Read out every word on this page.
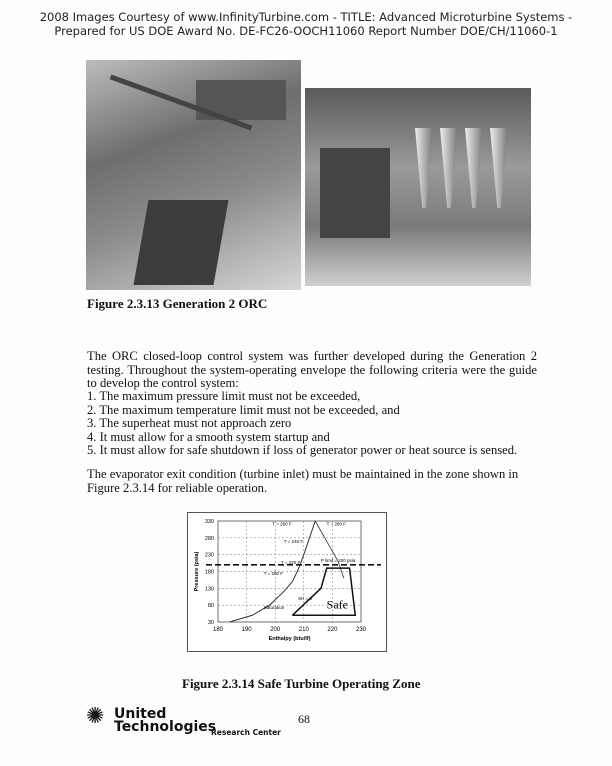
2008 Images Courtesy of www.InfinityTurbine.com - TITLE: Advanced Microturbine Systems -
Prepared for US DOE Award No. DE-FC26-OOCH11060 Report Number DOE/CH/11060-1
Figure 2.3.13 Generation 2 ORC
The ORC closed-loop control system was further developed during the Generation 2 testing. Throughout the system-operating envelope the following criteria were the guide to develop the control system:
1. The maximum pressure limit must not be exceeded,
2. The maximum temperature limit must not be exceeded, and
3. The superheat must not approach zero
4. It must allow for a smooth system startup and
5. It must allow for safe shutdown if loss of generator power or heat source is sensed.
The evaporator exit condition (turbine inlet) must be maintained in the zone shown in Figure 2.3.14 for reliable operation.
180	190	200	210	220	230
330
280
230
180
130
80
30
Enthalpy (btu/lf)
Pressure (psia)
T = 260 F	T = 280 F
T = 240 F
T = 220 F
T = 200 F
P limit = 200 psia
SH = 3
Saturation	Safe
Figure 2.3.14 Safe Turbine Operating Zone
✺ United
Technologies
Research Center
68
